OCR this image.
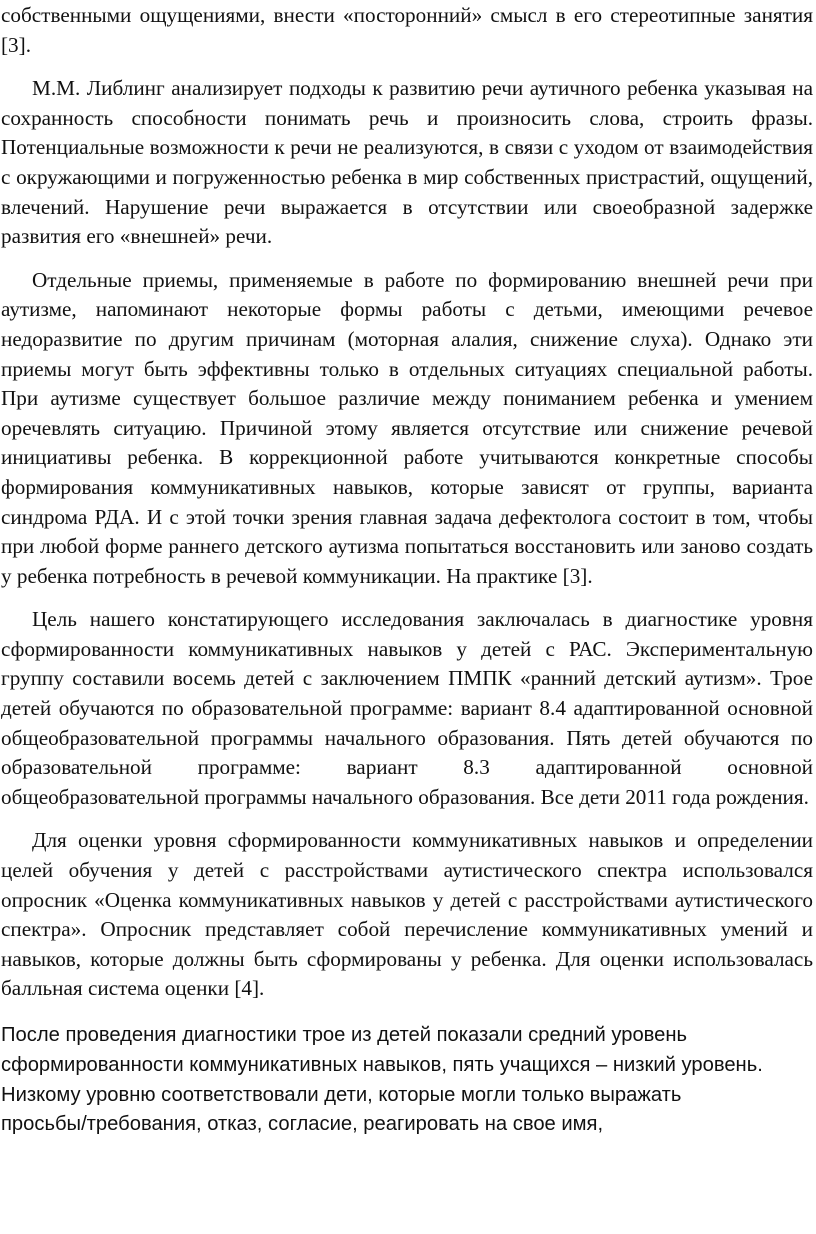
собственными ощущениями, внести «посторонний» смысл в его стереотипные занятия [3].

М.М. Либлинг анализирует подходы к развитию речи аутичного ребенка указывая на сохранность способности понимать речь и произносить слова, строить фразы. Потенциальные возможности к речи не реализуются, в связи с уходом от взаимодействия с окружающими и погруженностью ребенка в мир собственных пристрастий, ощущений, влечений. Нарушение речи выражается в отсутствии или своеобразной задержке развития его «внешней» речи.

Отдельные приемы, применяемые в работе по формированию внешней речи при аутизме, напоминают некоторые формы работы с детьми, имеющими речевое недоразвитие по другим причинам (моторная алалия, снижение слуха). Однако эти приемы могут быть эффективны только в отдельных ситуациях специальной работы. При аутизме существует большое различие между пониманием ребенка и умением оречевлять ситуацию. Причиной этому является отсутствие или снижение речевой инициативы ребенка. В коррекционной работе учитываются конкретные способы формирования коммуникативных навыков, которые зависят от группы, варианта синдрома РДА. И с этой точки зрения главная задача дефектолога состоит в том, чтобы при любой форме раннего детского аутизма попытаться восстановить или заново создать у ребенка потребность в речевой коммуникации. На практике [3].

Цель нашего констатирующего исследования заключалась в диагностике уровня сформированности коммуникативных навыков у детей с РАС. Экспериментальную группу составили восемь детей с заключением ПМПК «ранний детский аутизм». Трое детей обучаются по образовательной программе: вариант 8.4 адаптированной основной общеобразовательной программы начального образования. Пять детей обучаются по образовательной программе: вариант 8.3 адаптированной основной общеобразовательной программы начального образования. Все дети 2011 года рождения.

Для оценки уровня сформированности коммуникативных навыков и определении целей обучения у детей с расстройствами аутистического спектра использовался опросник «Оценка коммуникативных навыков у детей с расстройствами аутистического спектра». Опросник представляет собой перечисление коммуникативных умений и навыков, которые должны быть сформированы у ребенка. Для оценки использовалась балльная система оценки [4].

После проведения диагностики трое из детей показали средний уровень сформированности коммуникативных навыков, пять учащихся – низкий уровень. Низкому уровню соответствовали дети, которые могли только выражать просьбы/требования, отказ, согласие, реагировать на свое имя,
